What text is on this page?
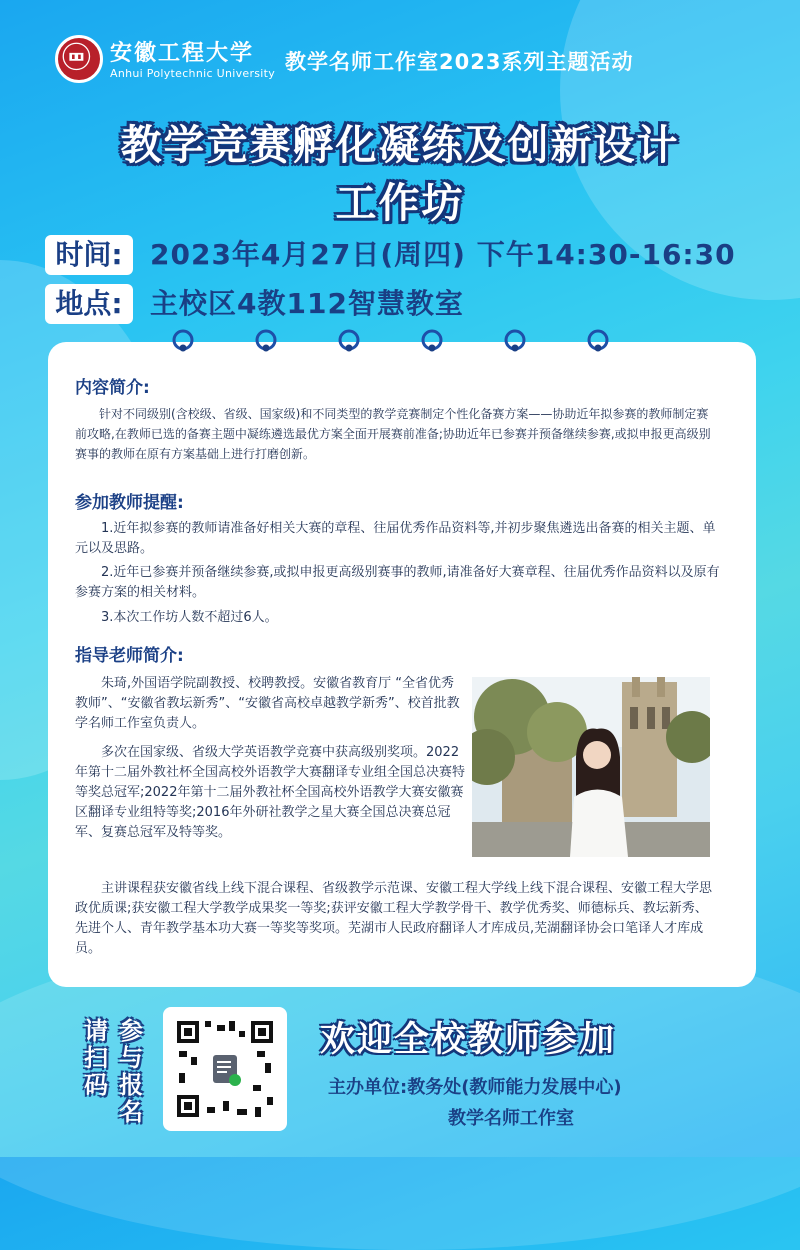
安徽工程大学
Anhui Polytechnic University 教学名师工作室2023系列主题活动
教学竞赛孵化凝练及创新设计
工作坊
时间: 2023年4月27日(周四) 下午14:30-16:30
地点: 主校区4教112智慧教室
内容简介:
针对不同级别(含校级、省级、国家级)和不同类型的教学竞赛制定个性化备赛方案——协助近年拟参赛的教师制定赛前攻略,在教师已选的备赛主题中凝练遴选最优方案全面开展赛前准备;协助近年已参赛并预备继续参赛,或拟申报更高级别赛事的教师在原有方案基础上进行打磨创新。
参加教师提醒:
1.近年拟参赛的教师请准备好相关大赛的章程、往届优秀作品资料等,并初步聚焦遴选出备赛的相关主题、单元以及思路。
2.近年已参赛并预备继续参赛,或拟申报更高级别赛事的教师,请准备好大赛章程、往届优秀作品资料以及原有参赛方案的相关材料。
3.本次工作坊人数不超过6人。
指导老师简介:
朱琦,外国语学院副教授、校聘教授。安徽省教育厅 “全省优秀教师”、“安徽省教坛新秀”、“安徽省高校卓越教学新秀”、校首批教学名师工作室负责人。
多次在国家级、省级大学英语教学竞赛中获高级别奖项。2022年第十二届外教社杯全国高校外语教学大赛翻译专业组全国总决赛特等奖总冠军;2022年第十二届外教社杯全国高校外语教学大赛安徽赛区翻译专业组特等奖;2016年外研社教学之星大赛全国总决赛总冠军、复赛总冠军及特等奖。
主讲课程获安徽省线上线下混合课程、省级教学示范课、安徽工程大学线上线下混合课程、安徽工程大学思政优质课;获安徽工程大学教学成果奖一等奖;获评安徽工程大学教学骨干、教学优秀奖、师德标兵、教坛新秀、先进个人、青年教学基本功大赛一等奖等奖项。芜湖市人民政府翻译人才库成员,芜湖翻译协会口笔译人才库成员。
请扫码
参与报名
欢迎全校教师参加
主办单位:教务处(教师能力发展中心)
教学名师工作室
